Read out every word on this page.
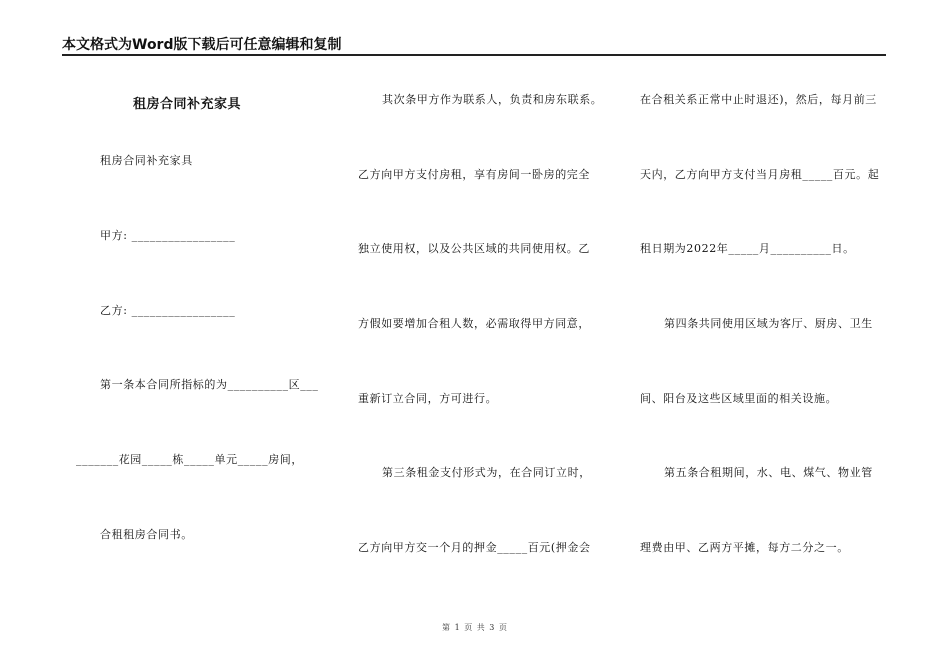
本文格式为Word版下载后可任意编辑和复制
租房合同补充家具
租房合同补充家具
甲方: _________________
乙方: _________________
第一条本合同所指标的为__________区___
_______花园_____栋_____单元_____房间，
合租租房合同书。
其次条甲方作为联系人，负责和房东联系。
乙方向甲方支付房租，享有房间一卧房的完全
独立使用权，以及公共区域的共同使用权。乙
方假如要增加合租人数，必需取得甲方同意，
重新订立合同，方可进行。
第三条租金支付形式为，在合同订立时，
乙方向甲方交一个月的押金_____百元(押金会
在合租关系正常中止时退还)，然后，每月前三
天内，乙方向甲方支付当月房租_____百元。起
租日期为2022年_____月__________日。
第四条共同使用区域为客厅、厨房、卫生
间、阳台及这些区域里面的相关设施。
第五条合租期间，水、电、煤气、物业管
理费由甲、乙两方平摊，每方二分之一。
第 1 页 共 3 页
